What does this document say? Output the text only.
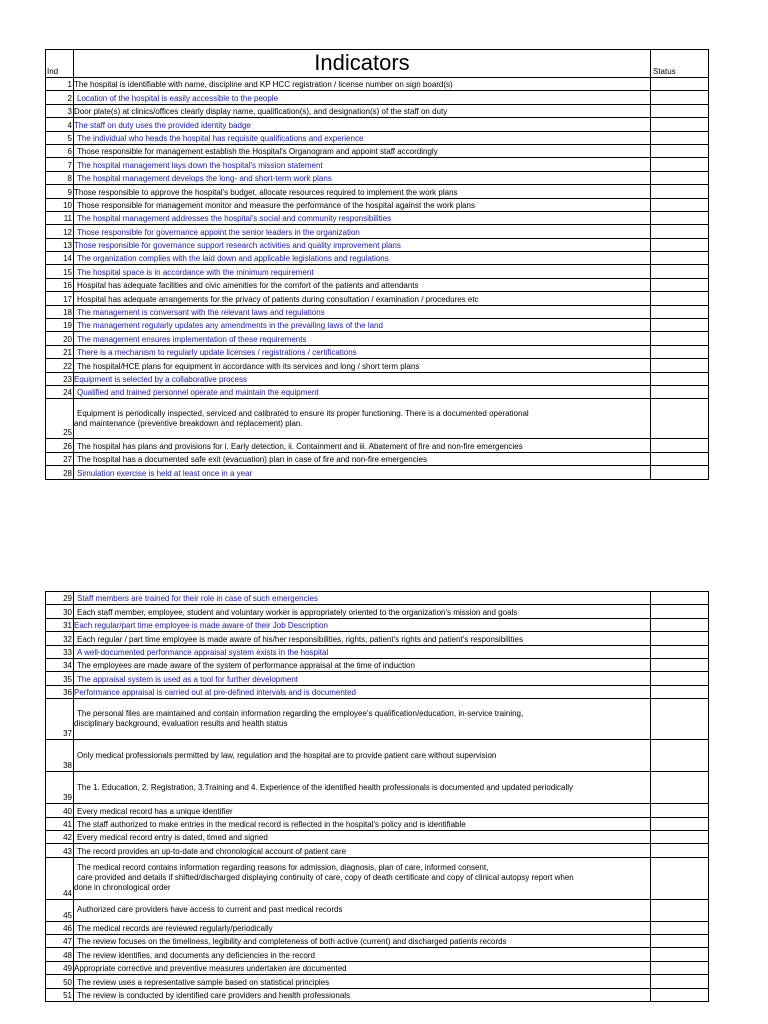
Ind	Indicators	Status
1	The hospital is identifiable with name, discipline and KP HCC registration / license number on sign board(s)	
2	Location of the hospital is easily accessible to the people	
3	Door plate(s) at clinics/offices clearly display name, qualification(s), and designation(s) of the staff on duty	
4	The staff on duty uses the provided identity badge	
5	The individual who heads the hospital has requisite qualifications and experience	
6	Those responsible for management establish the Hospital's Organogram and appoint staff accordingly	
7	The hospital management lays down the hospital's mission statement	
8	The hospital management develops the long- and short-term work plans	
9	Those responsible to approve the hospital's budget, allocate resources required to implement the work plans	
10	Those responsible for management monitor and measure the performance of the hospital against the work plans	
11	The hospital management addresses the hospital's social and community responsibilities	
12	Those responsible for governance appoint the senior leaders in the organization	
13	Those responsible for governance support research activities and quality improvement plans	
14	The organization complies with the laid down and applicable legislations and regulations	
15	The hospital space is in accordance with the minimum requirement	
16	Hospital has adequate facilities and civic amenities for the comfort of the patients and attendants	
17	Hospital has adequate arrangements for the privacy of patients during consultation / examination / procedures etc	
18	The management is conversant with the relevant laws and regulations	
19	The management regularly updates any amendments in the prevailing laws of the land	
20	The management ensures implementation of these requirements	
21	There is a mechanism to regularly update licenses / registrations / certifications	
22	The hospital/HCE plans for equipment in accordance with its services and long / short term plans	
23	Equipment is selected by a collaborative process	
24	Qualified and trained personnel operate and maintain the equipment	
25	Equipment is periodically inspected, serviced and calibrated to ensure its proper functioning. There is a documented operational
and maintenance (preventive breakdown and replacement) plan.	

26	The hospital has plans and provisions for i. Early detection, ii. Containment and iii. Abatement of fire and non-fire emergencies	
27	The hospital has a documented safe exit (evacuation) plan in case of fire and non-fire emergencies	
28	Simulation exercise is held at least once in a year	
29	Staff members are trained for their role in case of such emergencies	
30	Each staff member, employee, student and voluntary worker is appropriately oriented to the organization's mission and goals	
31	Each regular/part time employee is made aware of their Job Description	
32	Each regular / part time employee is made aware of his/her responsibilities, rights, patient's rights and patient's responsibilities	
33	A well-documented performance appraisal system exists in the hospital	
34	The employees are made aware of the system of performance appraisal at the time of induction	
35	The appraisal system is used as a tool for further development	
36	Performance appraisal is carried out at pre-defined intervals and is documented	
37	The personal files are maintained and contain information regarding the employee's qualification/education, in-service training,
disciplinary background, evaluation results and health status	

38	Only medical professionals permitted by law, regulation and the hospital are to provide patient care without supervision	

39	The 1. Education, 2. Registration, 3.Training and 4. Experience of the identified health professionals is documented and updated periodically	

40	Every medical record has a unique identifier	
41	The staff authorized to make entries in the medical record is reflected in the hospital's policy and is identifiable	
42	Every medical record entry is dated, timed and signed	
43	The record provides an up-to-date and chronological account of patient care	
44	The medical record contains information regarding reasons for admission, diagnosis, plan of care, informed consent,
care provided and details if shifted/discharged displaying continuity of care, copy of death certificate and copy of clinical autopsy report when
done in chronological order	

45	Authorized care providers have access to current and past medical records	

46	The medical records are reviewed regularly/periodically	
47	The review focuses on the timeliness, legibility and completeness of both active (current) and discharged patients records	
48	The review identifies, and documents any deficiencies in the record	
49	Appropriate corrective and preventive measures undertaken are documented	
50	The review uses a representative sample based on statistical principles	
51	The review is conducted by identified care providers and health professionals	
